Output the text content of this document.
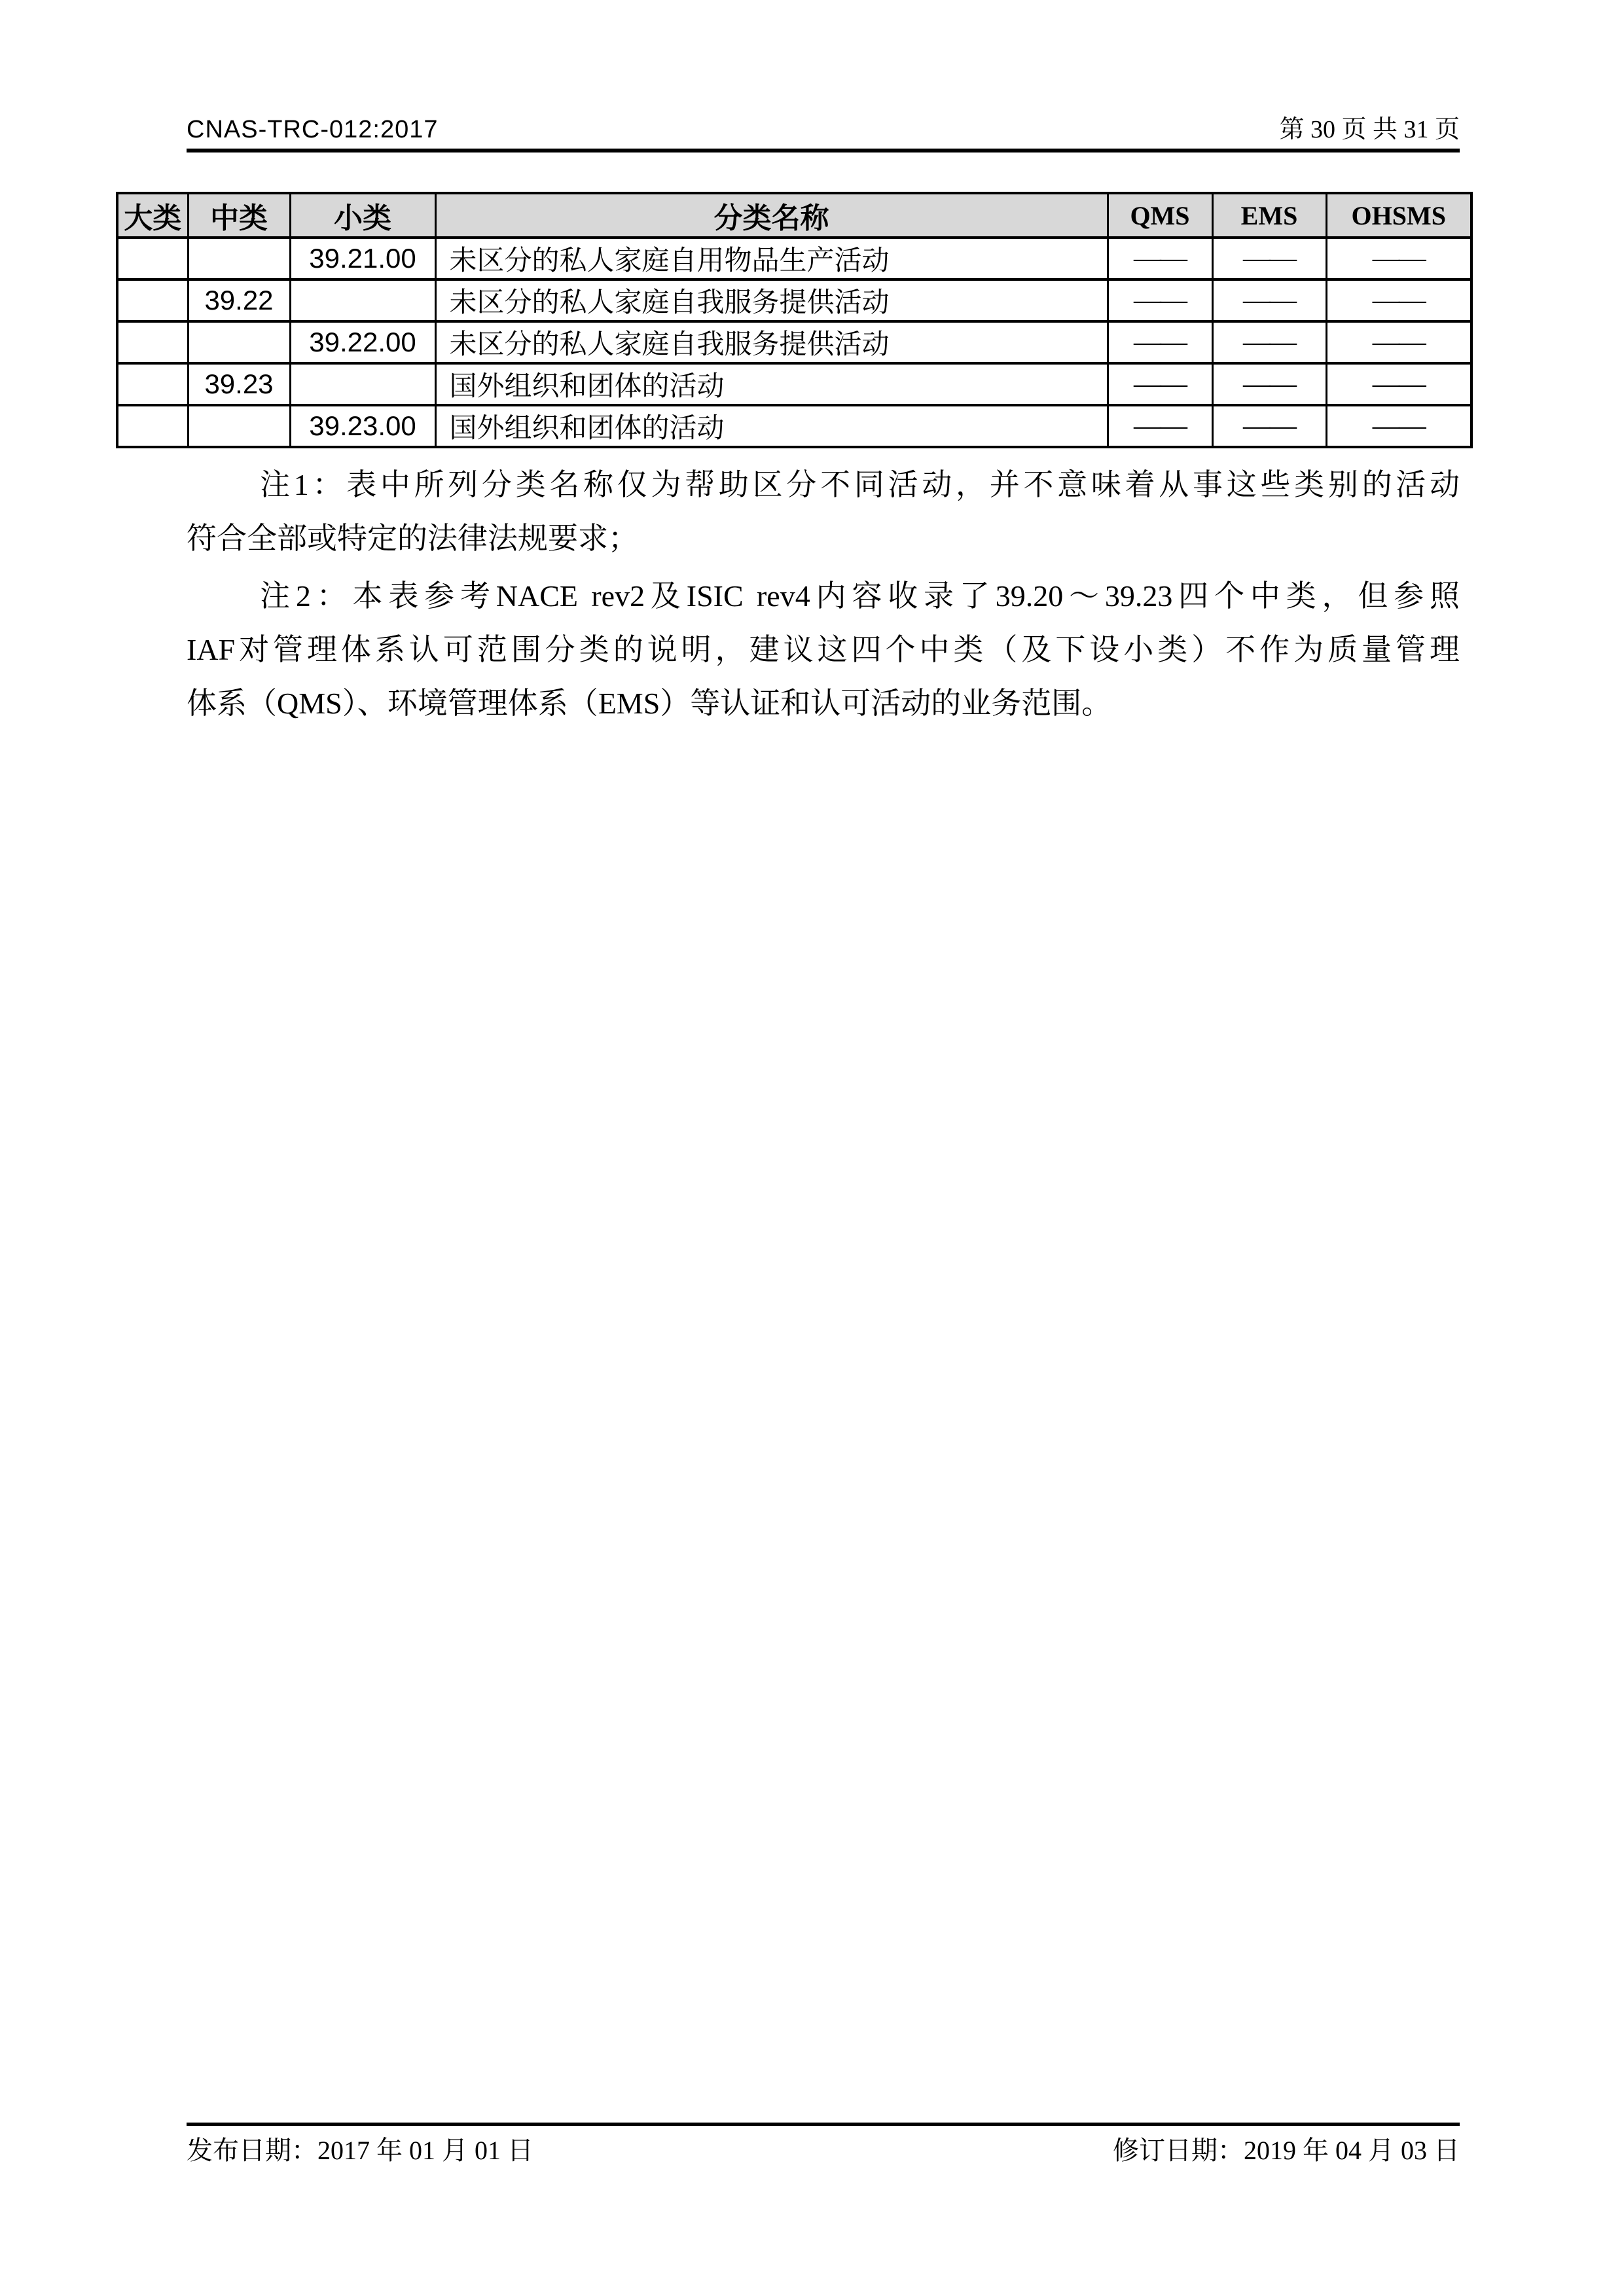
CNAS-TRC-012:2017	第 30 页 共 31 页
大类	中类	小类	分类名称	QMS	EMS	OHSMS
		39.21.00	未区分的私人家庭自用物品生产活动	——	——	——
	39.22		未区分的私人家庭自我服务提供活动	——	——	——
		39.22.00	未区分的私人家庭自我服务提供活动	——	——	——
	39.23		国外组织和团体的活动	——	——	——
		39.23.00	国外组织和团体的活动	——	——	——
注1：表中所列分类名称仅为帮助区分不同活动，并不意味着从事这些类别的活动
符合全部或特定的法律法规要求；
注2：本表参考NACE rev2及ISIC rev4内容收录了39.20～39.23四个中类，但参照
IAF对管理体系认可范围分类的说明，建议这四个中类（及下设小类）不作为质量管理
体系（QMS）、环境管理体系（EMS）等认证和认可活动的业务范围。
发布日期：2017 年 01 月 01 日	修订日期：2019 年 04 月 03 日
